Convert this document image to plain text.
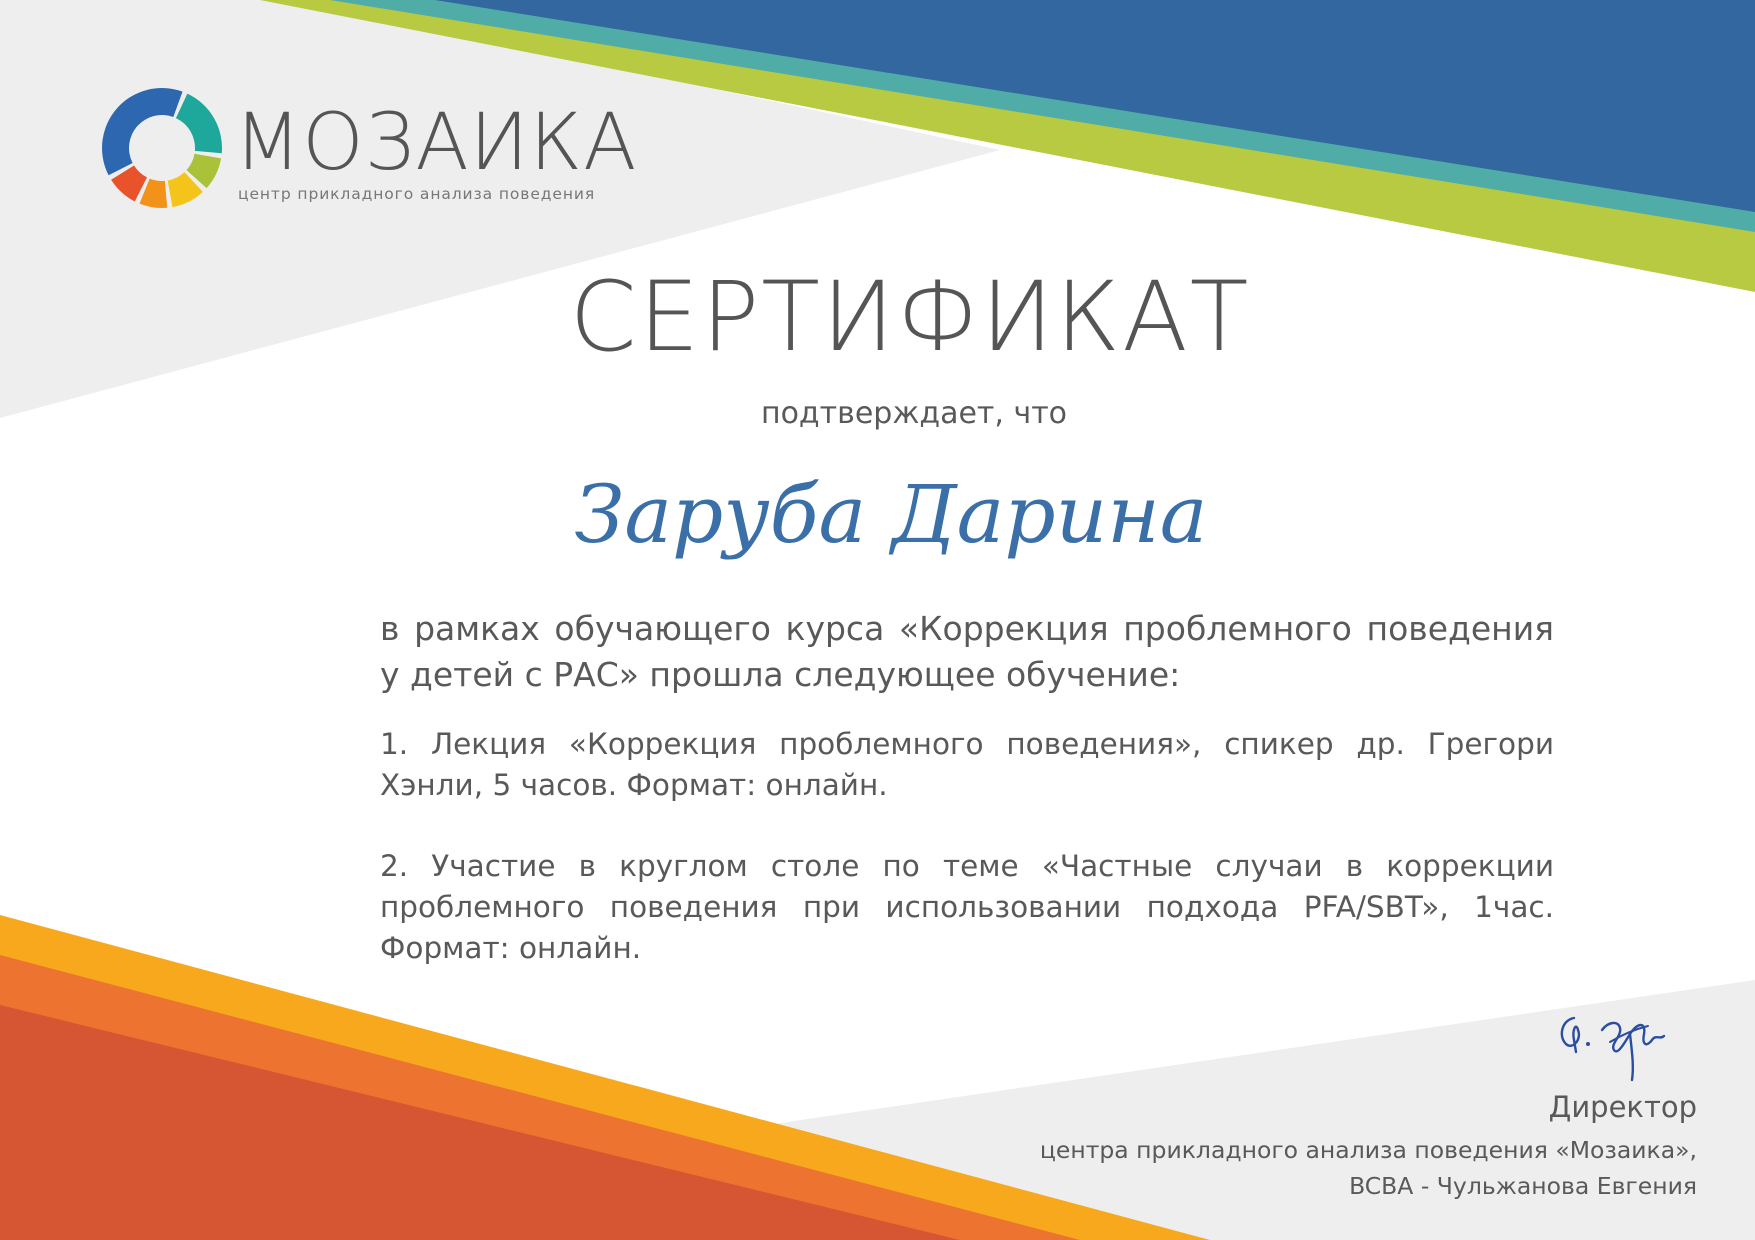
МОЗАИКА
центр прикладного анализа поведения
СЕРТИФИКАТ
подтверждает, что
Заруба Дарина

в рамках обучающего курса «Коррекция проблемного поведения у детей с РАС» прошла следующее обучение:

1. Лекция «Коррекция проблемного поведения», спикер др. Грегори Хэнли, 5 часов. Формат: онлайн.

2. Участие в круглом столе по теме «Частные случаи в коррекции проблемного поведения при использовании подхода PFA/SBT», 1час. Формат: онлайн.

Директор
центра прикладного анализа поведения «Мозаика»,
BCBA - Чульжанова Евгения
